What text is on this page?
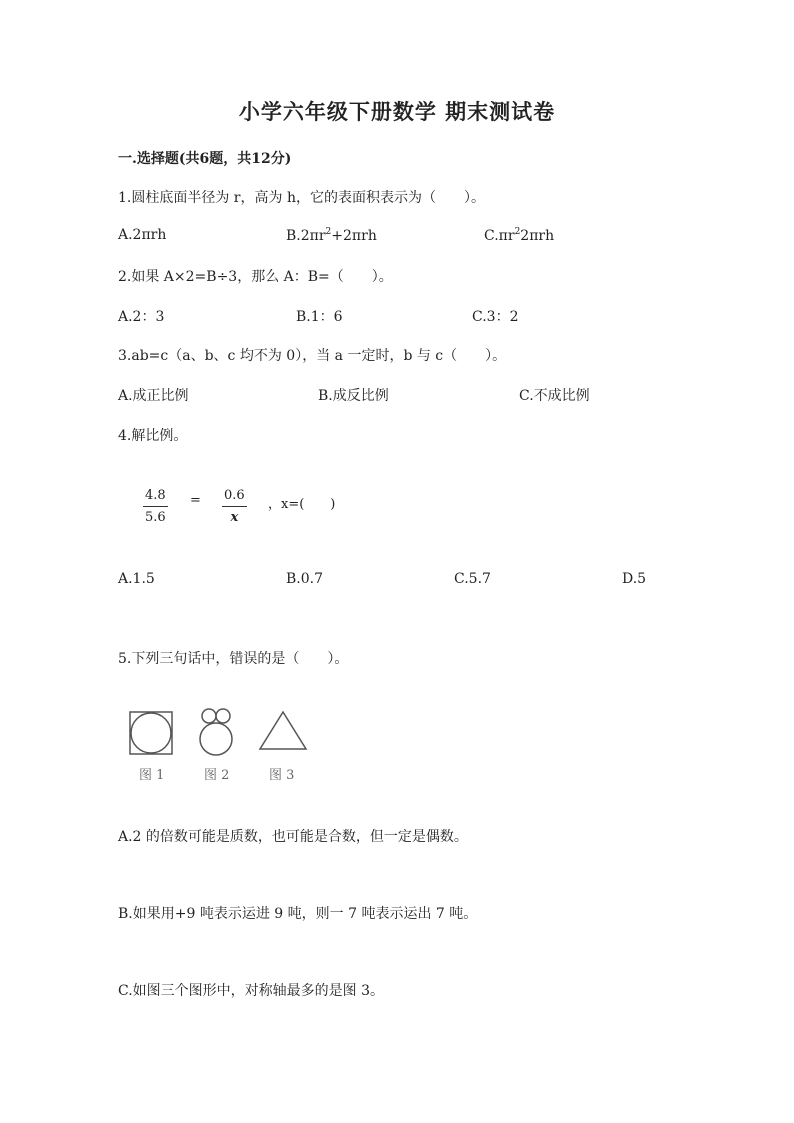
小学六年级下册数学 期末测试卷
一.选择题(共6题，共12分)
1.圆柱底面半径为 r，高为 h，它的表面积表示为（　　）。
A.2πrh	$B.2\pi r^2+2\pi rh$	$C.\pi r^22\pi rh$
2.如果 A×2=B÷3，那么 A：B=（　　）。
A.2：3	B.1：6	C.3：2
3.ab=c（a、b、c 均不为 0），当 a 一定时，b 与 c（　　）。
A.成正比例	B.成反比例	C.不成比例
4.解比例。
$\frac{4.8}{5.6} = \frac{0.6}{x}$ ，x=(　　)
A.1.5	B.0.7	C.5.7	D.5
5.下列三句话中，错误的是（　　）。
图 1	图 2	图 3
A.2 的倍数可能是质数，也可能是合数，但一定是偶数。
B.如果用+9 吨表示运进 9 吨，则一 7 吨表示运出 7 吨。
C.如图三个图形中，对称轴最多的是图 3。
